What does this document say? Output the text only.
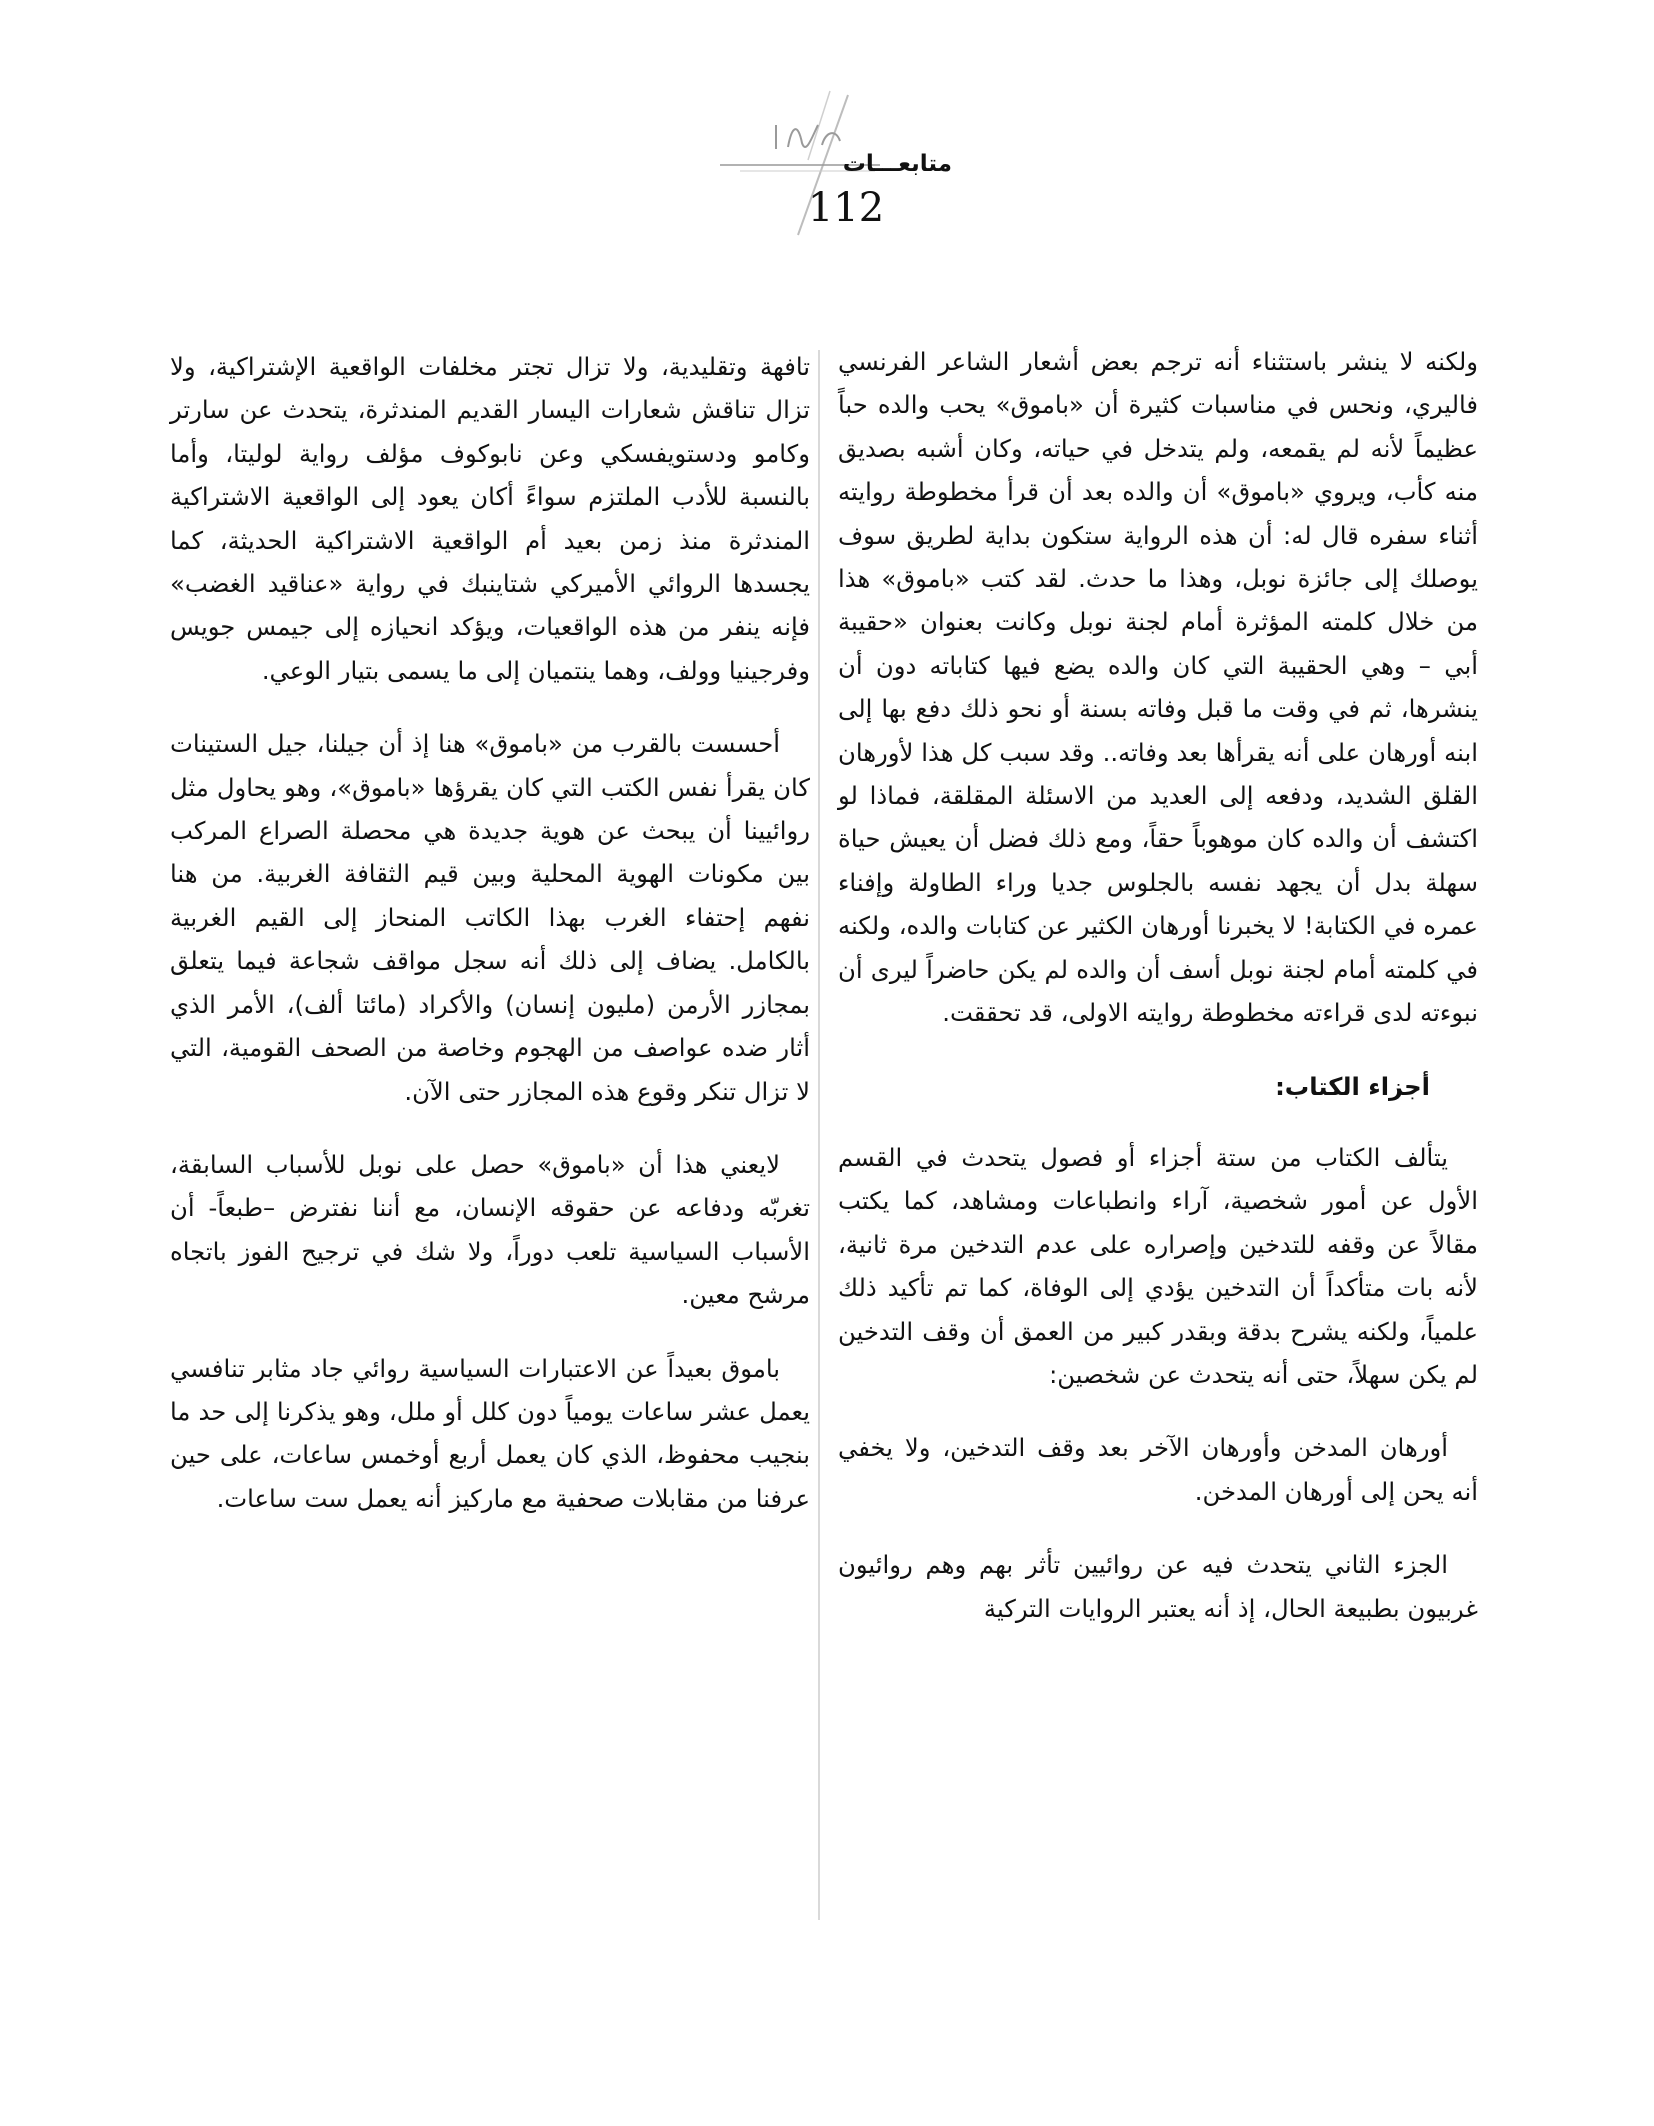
متابعـــات
112

ولكنه لا ينشر باستثناء أنه ترجم بعض أشعار الشاعر الفرنسي فاليري، ونحس في مناسبات كثيرة أن «باموق» يحب والده حباً عظيماً لأنه لم يقمعه، ولم يتدخل في حياته، وكان أشبه بصديق منه كأب، ويروي «باموق» أن والده بعد أن قرأ مخطوطة روايته أثناء سفره قال له: أن هذه الرواية ستكون بداية لطريق سوف يوصلك إلى جائزة نوبل، وهذا ما حدث. لقد كتب «باموق» هذا من خلال كلمته المؤثرة أمام لجنة نوبل وكانت بعنوان «حقيبة أبي – وهي الحقيبة التي كان والده يضع فيها كتاباته دون أن ينشرها، ثم في وقت ما قبل وفاته بسنة أو نحو ذلك دفع بها إلى ابنه أورهان على أنه يقرأها بعد وفاته.. وقد سبب كل هذا لأورهان القلق الشديد، ودفعه إلى العديد من الاسئلة المقلقة، فماذا لو اكتشف أن والده كان موهوباً حقاً، ومع ذلك فضل أن يعيش حياة سهلة بدل أن يجهد نفسه بالجلوس جديا وراء الطاولة وإفناء عمره في الكتابة! لا يخبرنا أورهان الكثير عن كتابات والده، ولكنه في كلمته أمام لجنة نوبل أسف أن والده لم يكن حاضراً ليرى أن نبوءته لدى قراءته مخطوطة روايته الاولى، قد تحققت.

أجزاء الكتاب:

يتألف الكتاب من ستة أجزاء أو فصول يتحدث في القسم الأول عن أمور شخصية، آراء وانطباعات ومشاهد، كما يكتب مقالاً عن وقفه للتدخين وإصراره على عدم التدخين مرة ثانية، لأنه بات متأكداً أن التدخين يؤدي إلى الوفاة، كما تم تأكيد ذلك علمياً، ولكنه يشرح بدقة وبقدر كبير من العمق أن وقف التدخين لم يكن سهلاً، حتى أنه يتحدث عن شخصين:

أورهان المدخن وأورهان الآخر بعد وقف التدخين، ولا يخفي أنه يحن إلى أورهان المدخن.

الجزء الثاني يتحدث فيه عن روائيين تأثر بهم وهم روائيون غربيون بطبيعة الحال، إذ أنه يعتبر الروايات التركية

تافهة وتقليدية، ولا تزال تجتر مخلفات الواقعية الإشتراكية، ولا تزال تناقش شعارات اليسار القديم المندثرة، يتحدث عن سارتر وكامو ودستويفسكي وعن نابوكوف مؤلف رواية لوليتا، وأما بالنسبة للأدب الملتزم سواءً أكان يعود إلى الواقعية الاشتراكية المندثرة منذ زمن بعيد أم الواقعية الاشتراكية الحديثة، كما يجسدها الروائي الأميركي شتاينبك في رواية «عناقيد الغضب» فإنه ينفر من هذه الواقعيات، ويؤكد انحيازه إلى جيمس جويس وفرجينيا وولف، وهما ينتميان إلى ما يسمى بتيار الوعي.

أحسست بالقرب من «باموق» هنا إذ أن جيلنا، جيل الستينات كان يقرأ نفس الكتب التي كان يقرؤها «باموق»، وهو يحاول مثل روائيينا أن يبحث عن هوية جديدة هي محصلة الصراع المركب بين مكونات الهوية المحلية وبين قيم الثقافة الغربية. من هنا نفهم إحتفاء الغرب بهذا الكاتب المنحاز إلى القيم الغربية بالكامل. يضاف إلى ذلك أنه سجل مواقف شجاعة فيما يتعلق بمجازر الأرمن (مليون إنسان) والأكراد (مائتا ألف)، الأمر الذي أثار ضده عواصف من الهجوم وخاصة من الصحف القومية، التي لا تزال تنكر وقوع هذه المجازر حتى الآن.

لايعني هذا أن «باموق» حصل على نوبل للأسباب السابقة، تغربّه ودفاعه عن حقوقه الإنسان، مع أننا نفترض –طبعاً- أن الأسباب السياسية تلعب دوراً، ولا شك في ترجيح الفوز باتجاه مرشح معين.

باموق بعيداً عن الاعتبارات السياسية روائي جاد مثابر تنافسي يعمل عشر ساعات يومياً دون كلل أو ملل، وهو يذكرنا إلى حد ما بنجيب محفوظ، الذي كان يعمل أربع أوخمس ساعات، على حين عرفنا من مقابلات صحفية مع ماركيز أنه يعمل ست ساعات.
